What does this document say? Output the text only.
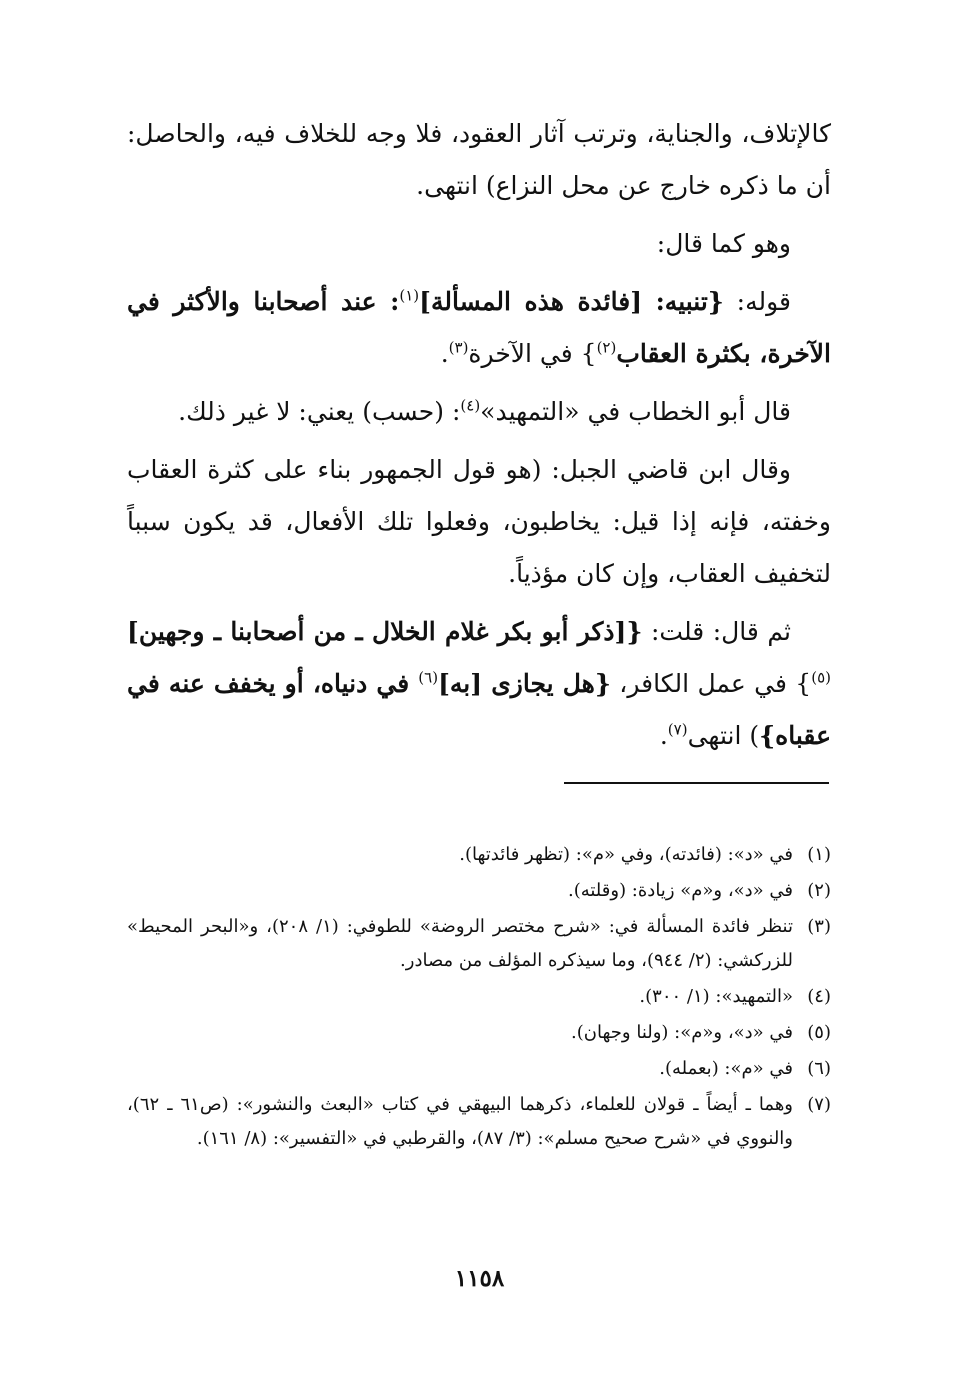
كالإتلاف، والجناية، وترتب آثار العقود، فلا وجه للخلاف فيه، والحاصل: أن ما ذكره خارج عن محل النزاع) انتهى.

وهو كما قال:

قوله: {تنبيه: [فائدة هذه المسألة]$^{(١)}$: عند أصحابنا والأكثر في الآخرة، بكثرة العقاب$^{(٢)}$} في الآخرة$^{(٣)}$.

قال أبو الخطاب في «التمهيد»$^{(٤)}$: (حسب) يعني: لا غير ذلك.

وقال ابن قاضي الجبل: (هو قول الجمهور بناء على كثرة العقاب وخفته، فإنه إذا قيل: يخاطبون، وفعلوا تلك الأفعال، قد يكون سبباً لتخفيف العقاب، وإن كان مؤذياً.

ثم قال: قلت: {[ذكر أبو بكر غلام الخلال ـ من أصحابنا ـ وجهين]$^{(٥)}$} في عمل الكافر، {هل يجازى [به]$^{(٦)}$ في دنياه، أو يخفف عنه في عقباه}) انتهى$^{(٧)}$.

(١)
في «د»: (فائدته)، وفي «م»: (تظهر فائدتها).
(٢)
في «د»، و«م» زيادة: (وقلته).
(٣)
تنظر فائدة المسألة في: «شرح مختصر الروضة» للطوفي: (١/ ٢٠٨)، و«البحر المحيط» للزركشي: (٢/ ٩٤٤)، وما سيذكره المؤلف من مصادر.
(٤)
«التمهيد»: (١/ ٣٠٠).
(٥)
في «د»، و«م»: (ولنا وجهان).
(٦)
في «م»: (بعمله).
(٧)
وهما ـ أيضاً ـ قولان للعلماء، ذكرهما البيهقي في كتاب «البعث والنشور»: (ص٦١ ـ ٦٢)، والنووي في «شرح صحيح مسلم»: (٣/ ٨٧)، والقرطبي في «التفسير»: (٨/ ١٦١).
١١٥٨
